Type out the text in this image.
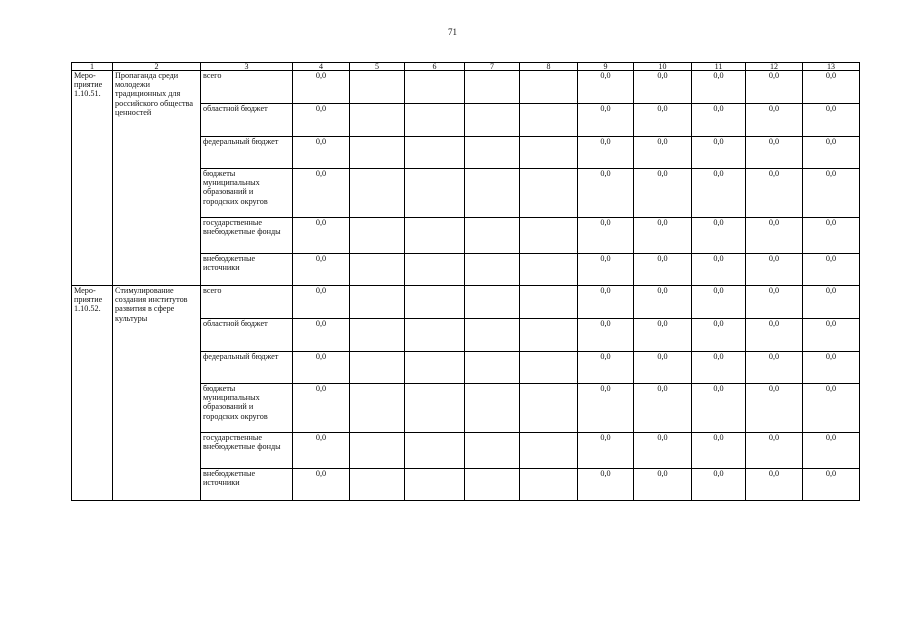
71
1	2	3	4	5	6	7	8	9	10	11	12	13

Меро-
приятие
1.10.51.	Пропаганда среди молодежи традиционных для российского общества ценностей	всего	0,0					0,0	0,0	0,0	0,0	0,0
		областной бюджет	0,0					0,0	0,0	0,0	0,0	0,0
		федеральный бюджет	0,0					0,0	0,0	0,0	0,0	0,0
		бюджеты муниципальных образований и городских округов	0,0					0,0	0,0	0,0	0,0	0,0
		государственные внебюджетные фонды	0,0					0,0	0,0	0,0	0,0	0,0
		внебюджетные источники	0,0					0,0	0,0	0,0	0,0	0,0

Меро-
приятие
1.10.52.	Стимулирование создания институтов развития в сфере культуры	всего	0,0					0,0	0,0	0,0	0,0	0,0
		областной бюджет	0,0					0,0	0,0	0,0	0,0	0,0
		федеральный бюджет	0,0					0,0	0,0	0,0	0,0	0,0
		бюджеты муниципальных образований и городских округов	0,0					0,0	0,0	0,0	0,0	0,0
		государственные внебюджетные фонды	0,0					0,0	0,0	0,0	0,0	0,0
		внебюджетные источники	0,0					0,0	0,0	0,0	0,0	0,0
